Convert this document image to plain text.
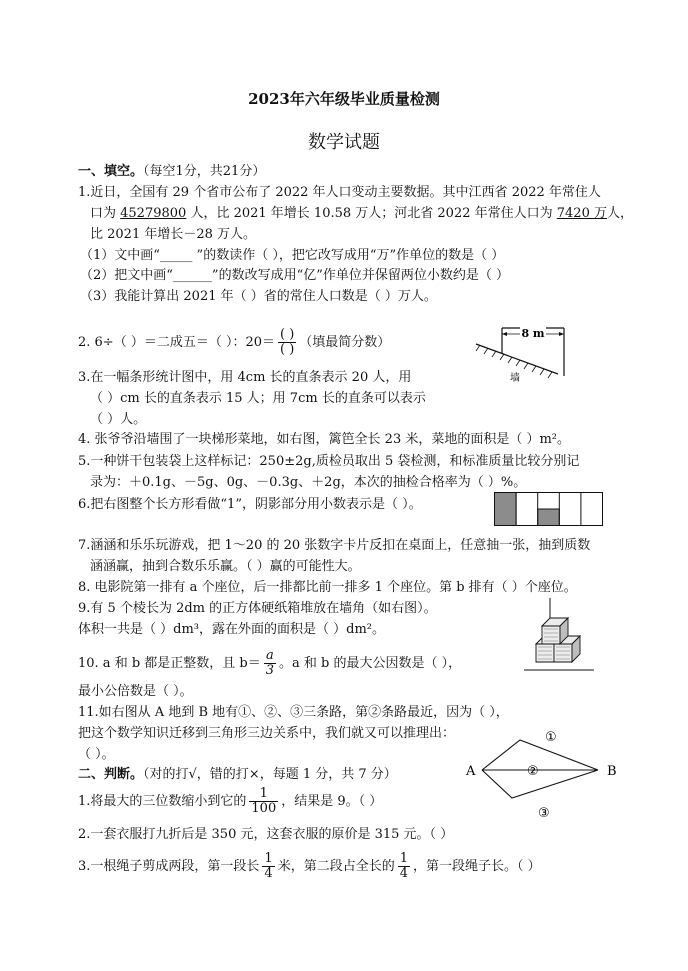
2023年六年级毕业质量检测
数学试题
一、填空。（每空1分，共21分）
1.近日，全国有 29 个省市公布了 2022 年人口变动主要数据。其中江西省 2022 年常住人
口为 45279800 人，比 2021 年增长 10.58 万人；河北省 2022 年常住人口为 7420 万人，
比 2021 年增长－28 万人。
（1）文中画“_____ ”的数读作（ ），把它改写成用“万”作单位的数是（ ）
（2）把文中画“______”的数改写成用“亿”作单位并保留两位小数约是（ ）
（3）我能计算出 2021 年（ ）省的常住人口数是（ ）万人。
2. 6÷（ ）＝二成五＝（ ）：$20= \frac{( )}{( )}$ （填最简分数）
8 m
墙
3.在一幅条形统计图中，用 4cm 长的直条表示 20 人，用
（ ）cm 长的直条表示 15 人；用 7cm 长的直条可以表示
（ ）人。
4. 张爷爷沿墙围了一块梯形菜地，如右图，篱笆全长 23 米，菜地的面积是（ ）m²。
5.一种饼干包装袋上这样标记：250±2g,质检员取出 5 袋检测，和标准质量比较分别记
录为：＋0.1g、－5g、0g、－0.3g、＋2g，本次的抽检合格率为（ ）%。
6.把右图整个长方形看做“1”，阴影部分用小数表示是（ ）。
7.涵涵和乐乐玩游戏，把 1～20 的 20 张数字卡片反扣在桌面上，任意抽一张，抽到质数
涵涵赢，抽到合数乐乐赢。（ ）赢的可能性大。
8. 电影院第一排有 a 个座位，后一排都比前一排多 1 个座位。第 b 排有（ ）个座位。
9.有 5 个棱长为 2dm 的正方体硬纸箱堆放在墙角（如右图）。
体积一共是（ ）dm³，露在外面的面积是（ ）dm²。
10. a 和 b 都是正整数，且 $b= \frac{a}{3}$ 。a 和 b 的最大公因数是（ ），
最小公倍数是（ ）。
11.如右图从 A 地到 B 地有①、②、③三条路，第②条路最近，因为（ ），
把这个数学知识迁移到三角形三边关系中，我们就又可以推理出：
（ ）。
A	B
①
②
③
二、判断。（对的打√，错的打×，每题 1 分，共 7 分）
1.将最大的三位数缩小到它的 $\frac{1}{100}$ ，结果是 9。（ ）
2.一套衣服打九折后是 350 元，这套衣服的原价是 315 元。（ ）
3.一根绳子剪成两段，第一段长 $\frac{1}{4}$ 米，第二段占全长的 $\frac{1}{4}$ ，第一段绳子长。（ ）
